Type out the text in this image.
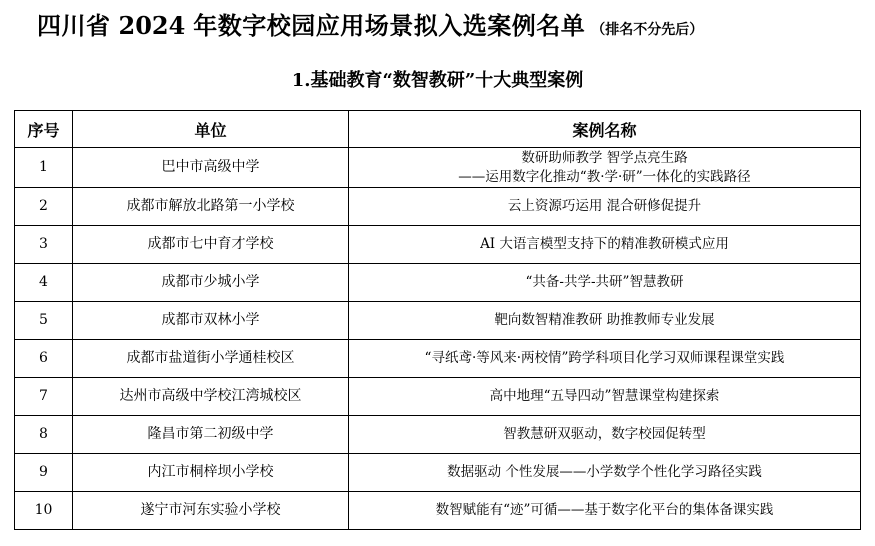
四川省 2024 年数字校园应用场景拟入选案例名单 （排名不分先后）
1.基础教育“数智教研”十大典型案例
序号	单位	案例名称
1	巴中市高级中学	数研助师教学 智学点亮生路
——运用数字化推动“教·学·研”一体化的实践路径

2	成都市解放北路第一小学校	云上资源巧运用 混合研修促提升

3	成都市七中育才学校	AI 大语言模型支持下的精准教研模式应用

4	成都市少城小学	“共备-共学-共研”智慧教研

5	成都市双林小学	靶向数智精准教研 助推教师专业发展

6	成都市盐道街小学通桂校区	“寻纸鸢·等风来·两校情”跨学科项目化学习双师课程课堂实践

7	达州市高级中学校江湾城校区	高中地理“五导四动”智慧课堂构建探索

8	隆昌市第二初级中学	智教慧研双驱动，数字校园促转型

9	内江市桐梓坝小学校	数据驱动 个性发展——小学数学个性化学习路径实践

10	遂宁市河东实验小学校	数智赋能有“迹”可循——基于数字化平台的集体备课实践
